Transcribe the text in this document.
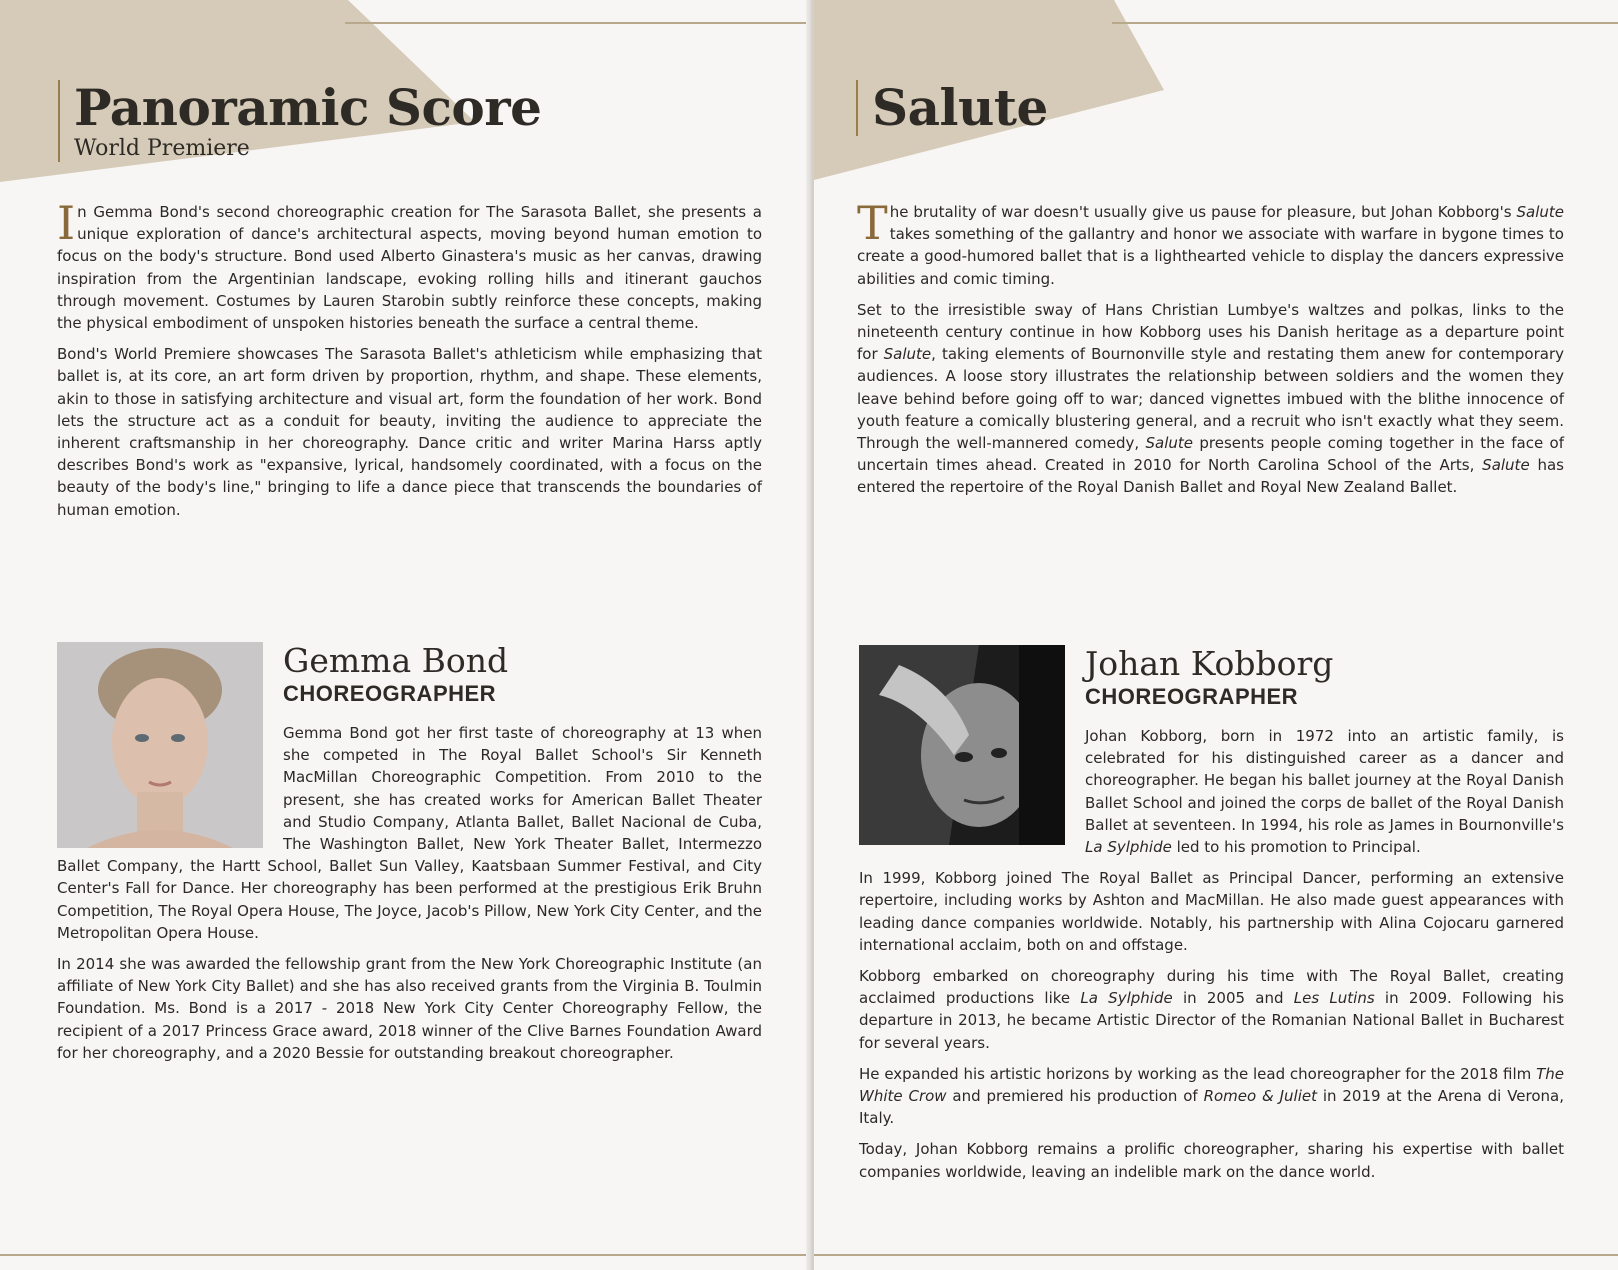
Panoramic Score
World Premiere

In Gemma Bond's second choreographic creation for The Sarasota Ballet, she presents a unique exploration of dance's architectural aspects, moving beyond human emotion to focus on the body's structure. Bond used Alberto Ginastera's music as her canvas, drawing inspiration from the Argentinian landscape, evoking rolling hills and itinerant gauchos through movement. Costumes by Lauren Starobin subtly reinforce these concepts, making the physical embodiment of unspoken histories beneath the surface a central theme.

Bond's World Premiere showcases The Sarasota Ballet's athleticism while emphasizing that ballet is, at its core, an art form driven by proportion, rhythm, and shape. These elements, akin to those in satisfying architecture and visual art, form the foundation of her work. Bond lets the structure act as a conduit for beauty, inviting the audience to appreciate the inherent craftsmanship in her choreography. Dance critic and writer Marina Harss aptly describes Bond's work as "expansive, lyrical, handsomely coordinated, with a focus on the beauty of the body's line," bringing to life a dance piece that transcends the boundaries of human emotion.

Gemma Bond
CHOREOGRAPHER

Gemma Bond got her first taste of choreography at 13 when she competed in The Royal Ballet School's Sir Kenneth MacMillan Choreographic Competition. From 2010 to the present, she has created works for American Ballet Theater and Studio Company, Atlanta Ballet, Ballet Nacional de Cuba, The Washington Ballet, New York Theater Ballet, Intermezzo Ballet Company, the Hartt School, Ballet Sun Valley, Kaatsbaan Summer Festival, and City Center's Fall for Dance. Her choreography has been performed at the prestigious Erik Bruhn Competition, The Royal Opera House, The Joyce, Jacob's Pillow, New York City Center, and the Metropolitan Opera House.

In 2014 she was awarded the fellowship grant from the New York Choreographic Institute (an affiliate of New York City Ballet) and she has also received grants from the Virginia B. Toulmin Foundation. Ms. Bond is a 2017 - 2018 New York City Center Choreography Fellow, the recipient of a 2017 Princess Grace award, 2018 winner of the Clive Barnes Foundation Award for her choreography, and a 2020 Bessie for outstanding breakout choreographer.

Salute

The brutality of war doesn't usually give us pause for pleasure, but Johan Kobborg's Salute takes something of the gallantry and honor we associate with warfare in bygone times to create a good-humored ballet that is a lighthearted vehicle to display the dancers expressive abilities and comic timing.

Set to the irresistible sway of Hans Christian Lumbye's waltzes and polkas, links to the nineteenth century continue in how Kobborg uses his Danish heritage as a departure point for Salute, taking elements of Bournonville style and restating them anew for contemporary audiences. A loose story illustrates the relationship between soldiers and the women they leave behind before going off to war; danced vignettes imbued with the blithe innocence of youth feature a comically blustering general, and a recruit who isn't exactly what they seem. Through the well-mannered comedy, Salute presents people coming together in the face of uncertain times ahead. Created in 2010 for North Carolina School of the Arts, Salute has entered the repertoire of the Royal Danish Ballet and Royal New Zealand Ballet.

Johan Kobborg
CHOREOGRAPHER

Johan Kobborg, born in 1972 into an artistic family, is celebrated for his distinguished career as a dancer and choreographer. He began his ballet journey at the Royal Danish Ballet School and joined the corps de ballet of the Royal Danish Ballet at seventeen. In 1994, his role as James in Bournonville's La Sylphide led to his promotion to Principal.

In 1999, Kobborg joined The Royal Ballet as Principal Dancer, performing an extensive repertoire, including works by Ashton and MacMillan. He also made guest appearances with leading dance companies worldwide. Notably, his partnership with Alina Cojocaru garnered international acclaim, both on and offstage.

Kobborg embarked on choreography during his time with The Royal Ballet, creating acclaimed productions like La Sylphide in 2005 and Les Lutins in 2009. Following his departure in 2013, he became Artistic Director of the Romanian National Ballet in Bucharest for several years.

He expanded his artistic horizons by working as the lead choreographer for the 2018 film The White Crow and premiered his production of Romeo & Juliet in 2019 at the Arena di Verona, Italy.

Today, Johan Kobborg remains a prolific choreographer, sharing his expertise with ballet companies worldwide, leaving an indelible mark on the dance world.
